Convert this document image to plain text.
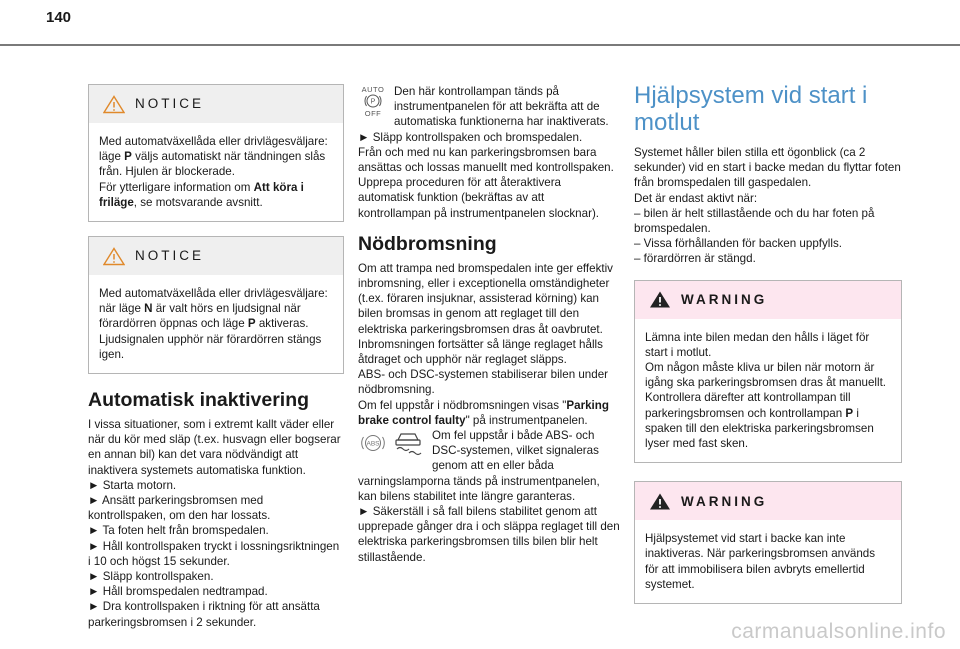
140
NOTICE

Med automatväxellåda eller drivlägesväljare: läge P väljs automatiskt när tändningen slås från. Hjulen är blockerade.

För ytterligare information om Att köra i friläge, se motsvarande avsnitt.

NOTICE

Med automatväxellåda eller drivlägesväljare: när läge N är valt hörs en ljudsignal när förardörren öppnas och läge P aktiveras.

Ljudsignalen upphör när förardörren stängs igen.

Automatisk inaktivering

I vissa situationer, som i extremt kallt väder eller när du kör med släp (t.ex. husvagn eller bogserar en annan bil) kan det vara nödvändigt att inaktivera systemets automatiska funktion.

► Starta motorn.

► Ansätt parkeringsbromsen med kontrollspaken, om den har lossats.

► Ta foten helt från bromspedalen.

► Håll kontrollspaken tryckt i lossningsriktningen i 10 och högst 15 sekunder.

► Släpp kontrollspaken.

► Håll bromspedalen nedtrampad.

► Dra kontrollspaken i riktning för att ansätta parkeringsbromsen i 2 sekunder.

AUTO
P
OFF

Den här kontrollampan tänds på instrumentpanelen för att bekräfta att de automatiska funktionerna har inaktiverats.

► Släpp kontrollspaken och bromspedalen.

Från och med nu kan parkeringsbromsen bara ansättas och lossas manuellt med kontrollspaken.

Upprepa proceduren för att återaktivera automatisk funktion (bekräftas av att kontrollampan på instrumentpanelen slocknar).

Nödbromsning

Om att trampa ned bromspedalen inte ger effektiv inbromsning, eller i exceptionella omständigheter (t.ex. föraren insjuknar, assisterad körning) kan bilen bromsas in genom att reglaget till den elektriska parkeringsbromsen dras åt oavbrutet. Inbromsningen fortsätter så länge reglaget hålls åtdraget och upphör när reglaget släpps.

ABS- och DSC-systemen stabiliserar bilen under nödbromsning.

Om fel uppstår i nödbromsningen visas "Parking brake control faulty" på instrumentpanelen.

ABS

Om fel uppstår i både ABS- och DSC-systemen, vilket signaleras genom att en eller båda varningslamporna tänds på instrumentpanelen, kan bilens stabilitet inte längre garanteras.

► Säkerställ i så fall bilens stabilitet genom att upprepade gånger dra i och släppa reglaget till den elektriska parkeringsbromsen tills bilen blir helt stillastående.

Hjälpsystem vid start i motlut

Systemet håller bilen stilla ett ögonblick (ca 2 sekunder) vid en start i backe medan du flyttar foten från bromspedalen till gaspedalen.

Det är endast aktivt när:

– bilen är helt stillastående och du har foten på bromspedalen.

– Vissa förhållanden för backen uppfylls.

– förardörren är stängd.

WARNING

Lämna inte bilen medan den hålls i läget för start i motlut.

Om någon måste kliva ur bilen när motorn är igång ska parkeringsbromsen dras åt manuellt. Kontrollera därefter att kontrollampan till parkeringsbromsen och kontrollampan P i spaken till den elektriska parkeringsbromsen lyser med fast sken.

WARNING

Hjälpsystemet vid start i backe kan inte inaktiveras. När parkeringsbromsen används för att immobilisera bilen avbryts emellertid systemet.

carmanualsonline.info
